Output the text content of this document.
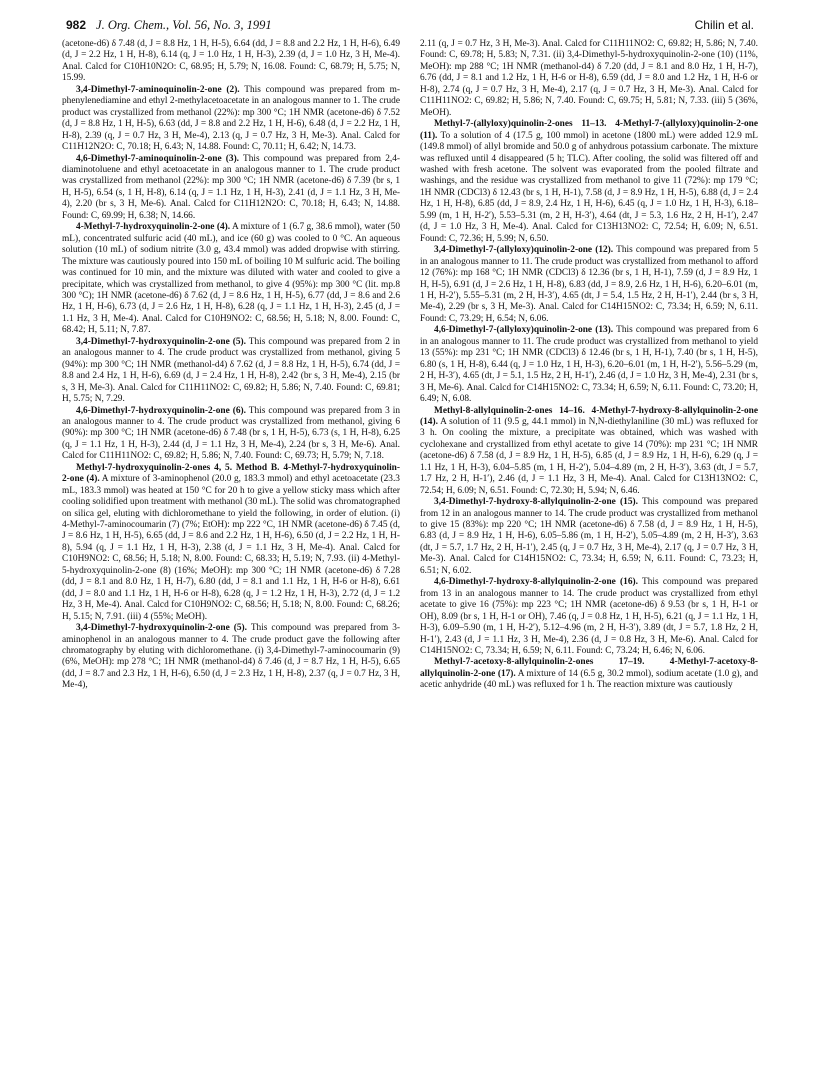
982 J. Org. Chem., Vol. 56, No. 3, 1991	Chilin et al.

(acetone-d6) δ 7.48 (d, J = 8.8 Hz, 1 H, H-5), 6.64 (dd, J = 8.8 and 2.2 Hz, 1 H, H-6), 6.49 (d, J = 2.2 Hz, 1 H, H-8), 6.14 (q, J = 1.0 Hz, 1 H, H-3), 2.39 (d, J = 1.0 Hz, 3 H, Me-4). Anal. Calcd for C10H10N2O: C, 68.95; H, 5.79; N, 16.08. Found: C, 68.79; H, 5.75; N, 15.99.

3,4-Dimethyl-7-aminoquinolin-2-one (2). This compound was prepared from m-phenylenediamine and ethyl 2-methylacetoacetate in an analogous manner to 1. The crude product was crystallized from methanol (22%): mp 300 °C; 1H NMR (acetone-d6) δ 7.52 (d, J = 8.8 Hz, 1 H, H-5), 6.63 (dd, J = 8.8 and 2.2 Hz, 1 H, H-6), 6.48 (d, J = 2.2 Hz, 1 H, H-8), 2.39 (q, J = 0.7 Hz, 3 H, Me-4), 2.13 (q, J = 0.7 Hz, 3 H, Me-3). Anal. Calcd for C11H12N2O: C, 70.18; H, 6.43; N, 14.88. Found: C, 70.11; H, 6.42; N, 14.73.

4,6-Dimethyl-7-aminoquinolin-2-one (3). This compound was prepared from 2,4-diaminotoluene and ethyl acetoacetate in an analogous manner to 1. The crude product was crystallized from methanol (22%): mp 300 °C; 1H NMR (acetone-d6) δ 7.39 (br s, 1 H, H-5), 6.54 (s, 1 H, H-8), 6.14 (q, J = 1.1 Hz, 1 H, H-3), 2.41 (d, J = 1.1 Hz, 3 H, Me-4), 2.20 (br s, 3 H, Me-6). Anal. Calcd for C11H12N2O: C, 70.18; H, 6.43; N, 14.88. Found: C, 69.99; H, 6.38; N, 14.66.

4-Methyl-7-hydroxyquinolin-2-one (4). A mixture of 1 (6.7 g, 38.6 mmol), water (50 mL), concentrated sulfuric acid (40 mL), and ice (60 g) was cooled to 0 °C. An aqueous solution (10 mL) of sodium nitrite (3.0 g, 43.4 mmol) was added dropwise with stirring. The mixture was cautiously poured into 150 mL of boiling 10 M sulfuric acid. The boiling was continued for 10 min, and the mixture was diluted with water and cooled to give a precipitate, which was crystallized from methanol, to give 4 (95%): mp 300 °C (lit. mp.8 300 °C); 1H NMR (acetone-d6) δ 7.62 (d, J = 8.6 Hz, 1 H, H-5), 6.77 (dd, J = 8.6 and 2.6 Hz, 1 H, H-6), 6.73 (d, J = 2.6 Hz, 1 H, H-8), 6.28 (q, J = 1.1 Hz, 1 H, H-3), 2.45 (d, J = 1.1 Hz, 3 H, Me-4). Anal. Calcd for C10H9NO2: C, 68.56; H, 5.18; N, 8.00. Found: C, 68.42; H, 5.11; N, 7.87.

3,4-Dimethyl-7-hydroxyquinolin-2-one (5). This compound was prepared from 2 in an analogous manner to 4. The crude product was crystallized from methanol, giving 5 (94%): mp 300 °C; 1H NMR (methanol-d4) δ 7.62 (d, J = 8.8 Hz, 1 H, H-5), 6.74 (dd, J = 8.8 and 2.4 Hz, 1 H, H-6), 6.69 (d, J = 2.4 Hz, 1 H, H-8), 2.42 (br s, 3 H, Me-4), 2.15 (br s, 3 H, Me-3). Anal. Calcd for C11H11NO2: C, 69.82; H, 5.86; N, 7.40. Found: C, 69.81; H, 5.75; N, 7.29.

4,6-Dimethyl-7-hydroxyquinolin-2-one (6). This compound was prepared from 3 in an analogous manner to 4. The crude product was crystallized from methanol, giving 6 (90%): mp 300 °C; 1H NMR (acetone-d6) δ 7.48 (br s, 1 H, H-5), 6.73 (s, 1 H, H-8), 6.25 (q, J = 1.1 Hz, 1 H, H-3), 2.44 (d, J = 1.1 Hz, 3 H, Me-4), 2.24 (br s, 3 H, Me-6). Anal. Calcd for C11H11NO2: C, 69.82; H, 5.86; N, 7.40. Found: C, 69.73; H, 5.79; N, 7.18.

Methyl-7-hydroxyquinolin-2-ones 4, 5. Method B. 4-Methyl-7-hydroxyquinolin-2-one (4). A mixture of 3-aminophenol (20.0 g, 183.3 mmol) and ethyl acetoacetate (23.3 mL, 183.3 mmol) was heated at 150 °C for 20 h to give a yellow sticky mass which after cooling solidified upon treatment with methanol (30 mL). The solid was chromatographed on silica gel, eluting with dichloromethane to yield the following, in order of elution. (i) 4-Methyl-7-aminocoumarin (7) (7%; EtOH): mp 222 °C, 1H NMR (acetone-d6) δ 7.45 (d, J = 8.6 Hz, 1 H, H-5), 6.65 (dd, J = 8.6 and 2.2 Hz, 1 H, H-6), 6.50 (d, J = 2.2 Hz, 1 H, H-8), 5.94 (q, J = 1.1 Hz, 1 H, H-3), 2.38 (d, J = 1.1 Hz, 3 H, Me-4). Anal. Calcd for C10H9NO2: C, 68.56; H, 5.18; N, 8.00. Found: C, 68.33; H, 5.19; N, 7.93. (ii) 4-Methyl-5-hydroxyquinolin-2-one (8) (16%; MeOH): mp 300 °C; 1H NMR (acetone-d6) δ 7.28 (dd, J = 8.1 and 8.0 Hz, 1 H, H-7), 6.80 (dd, J = 8.1 and 1.1 Hz, 1 H, H-6 or H-8), 6.61 (dd, J = 8.0 and 1.1 Hz, 1 H, H-6 or H-8), 6.28 (q, J = 1.2 Hz, 1 H, H-3), 2.72 (d, J = 1.2 Hz, 3 H, Me-4). Anal. Calcd for C10H9NO2: C, 68.56; H, 5.18; N, 8.00. Found: C, 68.26; H, 5.15; N, 7.91. (iii) 4 (55%; MeOH).

3,4-Dimethyl-7-hydroxyquinolin-2-one (5). This compound was prepared from 3-aminophenol in an analogous manner to 4. The crude product gave the following after chromatography by eluting with dichloromethane. (i) 3,4-Dimethyl-7-aminocoumarin (9) (6%, MeOH): mp 278 °C; 1H NMR (methanol-d4) δ 7.46 (d, J = 8.7 Hz, 1 H, H-5), 6.65 (dd, J = 8.7 and 2.3 Hz, 1 H, H-6), 6.50 (d, J = 2.3 Hz, 1 H, H-8), 2.37 (q, J = 0.7 Hz, 3 H, Me-4),

2.11 (q, J = 0.7 Hz, 3 H, Me-3). Anal. Calcd for C11H11NO2: C, 69.82; H, 5.86; N, 7.40. Found: C, 69.78; H, 5.83; N, 7.31. (ii) 3,4-Dimethyl-5-hydroxyquinolin-2-one (10) (11%, MeOH): mp 288 °C; 1H NMR (methanol-d4) δ 7.20 (dd, J = 8.1 and 8.0 Hz, 1 H, H-7), 6.76 (dd, J = 8.1 and 1.2 Hz, 1 H, H-6 or H-8), 6.59 (dd, J = 8.0 and 1.2 Hz, 1 H, H-6 or H-8), 2.74 (q, J = 0.7 Hz, 3 H, Me-4), 2.17 (q, J = 0.7 Hz, 3 H, Me-3). Anal. Calcd for C11H11NO2: C, 69.82; H, 5.86; N, 7.40. Found: C, 69.75; H, 5.81; N, 7.33. (iii) 5 (36%, MeOH).

Methyl-7-(allyloxy)quinolin-2-ones 11–13. 4-Methyl-7-(allyloxy)quinolin-2-one (11). To a solution of 4 (17.5 g, 100 mmol) in acetone (1800 mL) were added 12.9 mL (149.8 mmol) of allyl bromide and 50.0 g of anhydrous potassium carbonate. The mixture was refluxed until 4 disappeared (5 h; TLC). After cooling, the solid was filtered off and washed with fresh acetone. The solvent was evaporated from the pooled filtrate and washings, and the residue was crystallized from methanol to give 11 (72%): mp 179 °C; 1H NMR (CDCl3) δ 12.43 (br s, 1 H, H-1), 7.58 (d, J = 8.9 Hz, 1 H, H-5), 6.88 (d, J = 2.4 Hz, 1 H, H-8), 6.85 (dd, J = 8.9, 2.4 Hz, 1 H, H-6), 6.45 (q, J = 1.0 Hz, 1 H, H-3), 6.18–5.99 (m, 1 H, H-2′), 5.53–5.31 (m, 2 H, H-3′), 4.64 (dt, J = 5.3, 1.6 Hz, 2 H, H-1′), 2.47 (d, J = 1.0 Hz, 3 H, Me-4). Anal. Calcd for C13H13NO2: C, 72.54; H, 6.09; N, 6.51. Found: C, 72.36; H, 5.99; N, 6.50.

3,4-Dimethyl-7-(allyloxy)quinolin-2-one (12). This compound was prepared from 5 in an analogous manner to 11. The crude product was crystallized from methanol to afford 12 (76%): mp 168 °C; 1H NMR (CDCl3) δ 12.36 (br s, 1 H, H-1), 7.59 (d, J = 8.9 Hz, 1 H, H-5), 6.91 (d, J = 2.6 Hz, 1 H, H-8), 6.83 (dd, J = 8.9, 2.6 Hz, 1 H, H-6), 6.20–6.01 (m, 1 H, H-2′), 5.55–5.31 (m, 2 H, H-3′), 4.65 (dt, J = 5.4, 1.5 Hz, 2 H, H-1′), 2.44 (br s, 3 H, Me-4), 2.29 (br s, 3 H, Me-3). Anal. Calcd for C14H15NO2: C, 73.34; H, 6.59; N, 6.11. Found: C, 73.29; H, 6.54; N, 6.06.

4,6-Dimethyl-7-(allyloxy)quinolin-2-one (13). This compound was prepared from 6 in an analogous manner to 11. The crude product was crystallized from methanol to yield 13 (55%): mp 231 °C; 1H NMR (CDCl3) δ 12.46 (br s, 1 H, H-1), 7.40 (br s, 1 H, H-5), 6.80 (s, 1 H, H-8), 6.44 (q, J = 1.0 Hz, 1 H, H-3), 6.20–6.01 (m, 1 H, H-2′), 5.56–5.29 (m, 2 H, H-3′), 4.65 (dt, J = 5.1, 1.5 Hz, 2 H, H-1′), 2.46 (d, J = 1.0 Hz, 3 H, Me-4), 2.31 (br s, 3 H, Me-6). Anal. Calcd for C14H15NO2: C, 73.34; H, 6.59; N, 6.11. Found: C, 73.20; H, 6.49; N, 6.08.

Methyl-8-allylquinolin-2-ones 14–16. 4-Methyl-7-hydroxy-8-allylquinolin-2-one (14). A solution of 11 (9.5 g, 44.1 mmol) in N,N-diethylaniline (30 mL) was refluxed for 3 h. On cooling the mixture, a precipitate was obtained, which was washed with cyclohexane and crystallized from ethyl acetate to give 14 (70%): mp 231 °C; 1H NMR (acetone-d6) δ 7.58 (d, J = 8.9 Hz, 1 H, H-5), 6.85 (d, J = 8.9 Hz, 1 H, H-6), 6.29 (q, J = 1.1 Hz, 1 H, H-3), 6.04–5.85 (m, 1 H, H-2′), 5.04–4.89 (m, 2 H, H-3′), 3.63 (dt, J = 5.7, 1.7 Hz, 2 H, H-1′), 2.46 (d, J = 1.1 Hz, 3 H, Me-4). Anal. Calcd for C13H13NO2: C, 72.54; H, 6.09; N, 6.51. Found: C, 72.30; H, 5.94; N, 6.46.

3,4-Dimethyl-7-hydroxy-8-allylquinolin-2-one (15). This compound was prepared from 12 in an analogous manner to 14. The crude product was crystallized from methanol to give 15 (83%): mp 220 °C; 1H NMR (acetone-d6) δ 7.58 (d, J = 8.9 Hz, 1 H, H-5), 6.83 (d, J = 8.9 Hz, 1 H, H-6), 6.05–5.86 (m, 1 H, H-2′), 5.05–4.89 (m, 2 H, H-3′), 3.63 (dt, J = 5.7, 1.7 Hz, 2 H, H-1′), 2.45 (q, J = 0.7 Hz, 3 H, Me-4), 2.17 (q, J = 0.7 Hz, 3 H, Me-3). Anal. Calcd for C14H15NO2: C, 73.34; H, 6.59; N, 6.11. Found: C, 73.23; H, 6.51; N, 6.02.

4,6-Dimethyl-7-hydroxy-8-allylquinolin-2-one (16). This compound was prepared from 13 in an analogous manner to 14. The crude product was crystallized from ethyl acetate to give 16 (75%): mp 223 °C; 1H NMR (acetone-d6) δ 9.53 (br s, 1 H, H-1 or OH), 8.09 (br s, 1 H, H-1 or OH), 7.46 (q, J = 0.8 Hz, 1 H, H-5), 6.21 (q, J = 1.1 Hz, 1 H, H-3), 6.09–5.90 (m, 1 H, H-2′), 5.12–4.96 (m, 2 H, H-3′), 3.89 (dt, J = 5.7, 1.8 Hz, 2 H, H-1′), 2.43 (d, J = 1.1 Hz, 3 H, Me-4), 2.36 (d, J = 0.8 Hz, 3 H, Me-6). Anal. Calcd for C14H15NO2: C, 73.34; H, 6.59; N, 6.11. Found: C, 73.24; H, 6.46; N, 6.06.

Methyl-7-acetoxy-8-allylquinolin-2-ones 17–19. 4-Methyl-7-acetoxy-8-allylquinolin-2-one (17). A mixture of 14 (6.5 g, 30.2 mmol), sodium acetate (1.0 g), and acetic anhydride (40 mL) was refluxed for 1 h. The reaction mixture was cautiously
